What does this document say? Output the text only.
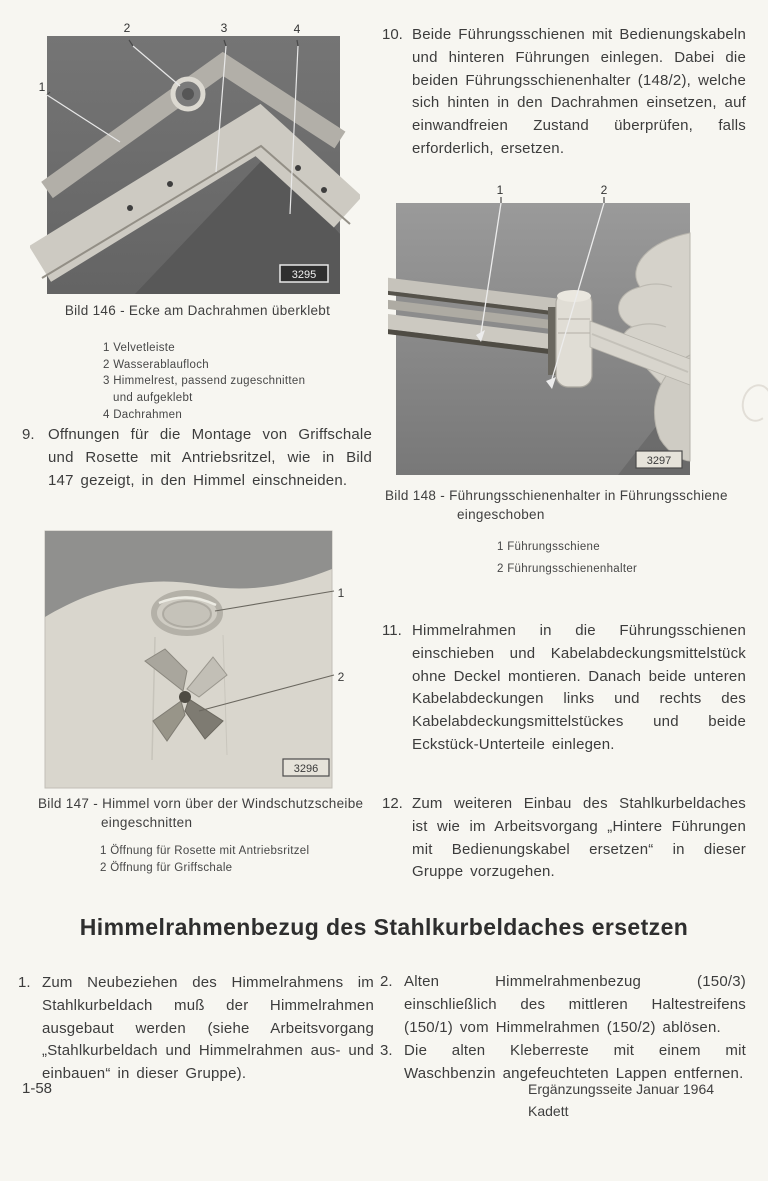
2	3	4
1
3295
Bild 146 - Ecke am Dachrahmen überklebt
1 Velvetleiste
2 Wasserablaufloch
3 Himmelrest, passend zugeschnitten
und aufgeklebt
4 Dachrahmen
9. Offnungen für die Montage von Griffschale und Rosette mit Antriebsritzel, wie in Bild 147 gezeigt, in den Himmel einschneiden.
1
2
3296
Bild 147 - Himmel vorn über der Windschutzscheibe
eingeschnitten
1 Öffnung für Rosette mit Antriebsritzel
2 Öffnung für Griffschale
10. Beide Führungsschienen mit Bedienungskabeln und hinteren Führungen einlegen. Dabei die beiden Führungsschienenhalter (148/2), welche sich hinten in den Dachrahmen einsetzen, auf einwandfreien Zustand überprüfen, falls erforderlich, ersetzen.
1	2
3297
Bild 148 - Führungsschienenhalter in Führungsschiene
eingeschoben
1 Führungsschiene
2 Führungsschienenhalter
11. Himmelrahmen in die Führungsschienen einschieben und Kabelabdeckungsmittelstück ohne Deckel montieren. Danach beide unteren Kabelabdeckungen links und rechts des Kabelabdeckungsmittelstückes und beide Eckstück-Unterteile einlegen.
12. Zum weiteren Einbau des Stahlkurbeldaches ist wie im Arbeitsvorgang „Hintere Führungen mit Bedienungskabel ersetzen“ in dieser Gruppe vorzugehen.
Himmelrahmenbezug des Stahlkurbeldaches ersetzen
1. Zum Neubeziehen des Himmelrahmens im Stahlkurbeldach muß der Himmelrahmen ausgebaut werden (siehe Arbeitsvorgang „Stahlkurbeldach und Himmelrahmen aus- und einbauen“ in dieser Gruppe).
2. Alten Himmelrahmenbezug (150/3) einschließlich des mittleren Haltestreifens (150/1) vom Himmelrahmen (150/2) ablösen.
3. Die alten Kleberreste mit einem mit Waschbenzin angefeuchteten Lappen entfernen.
1-58	Ergänzungsseite Januar 1964
Kadett
